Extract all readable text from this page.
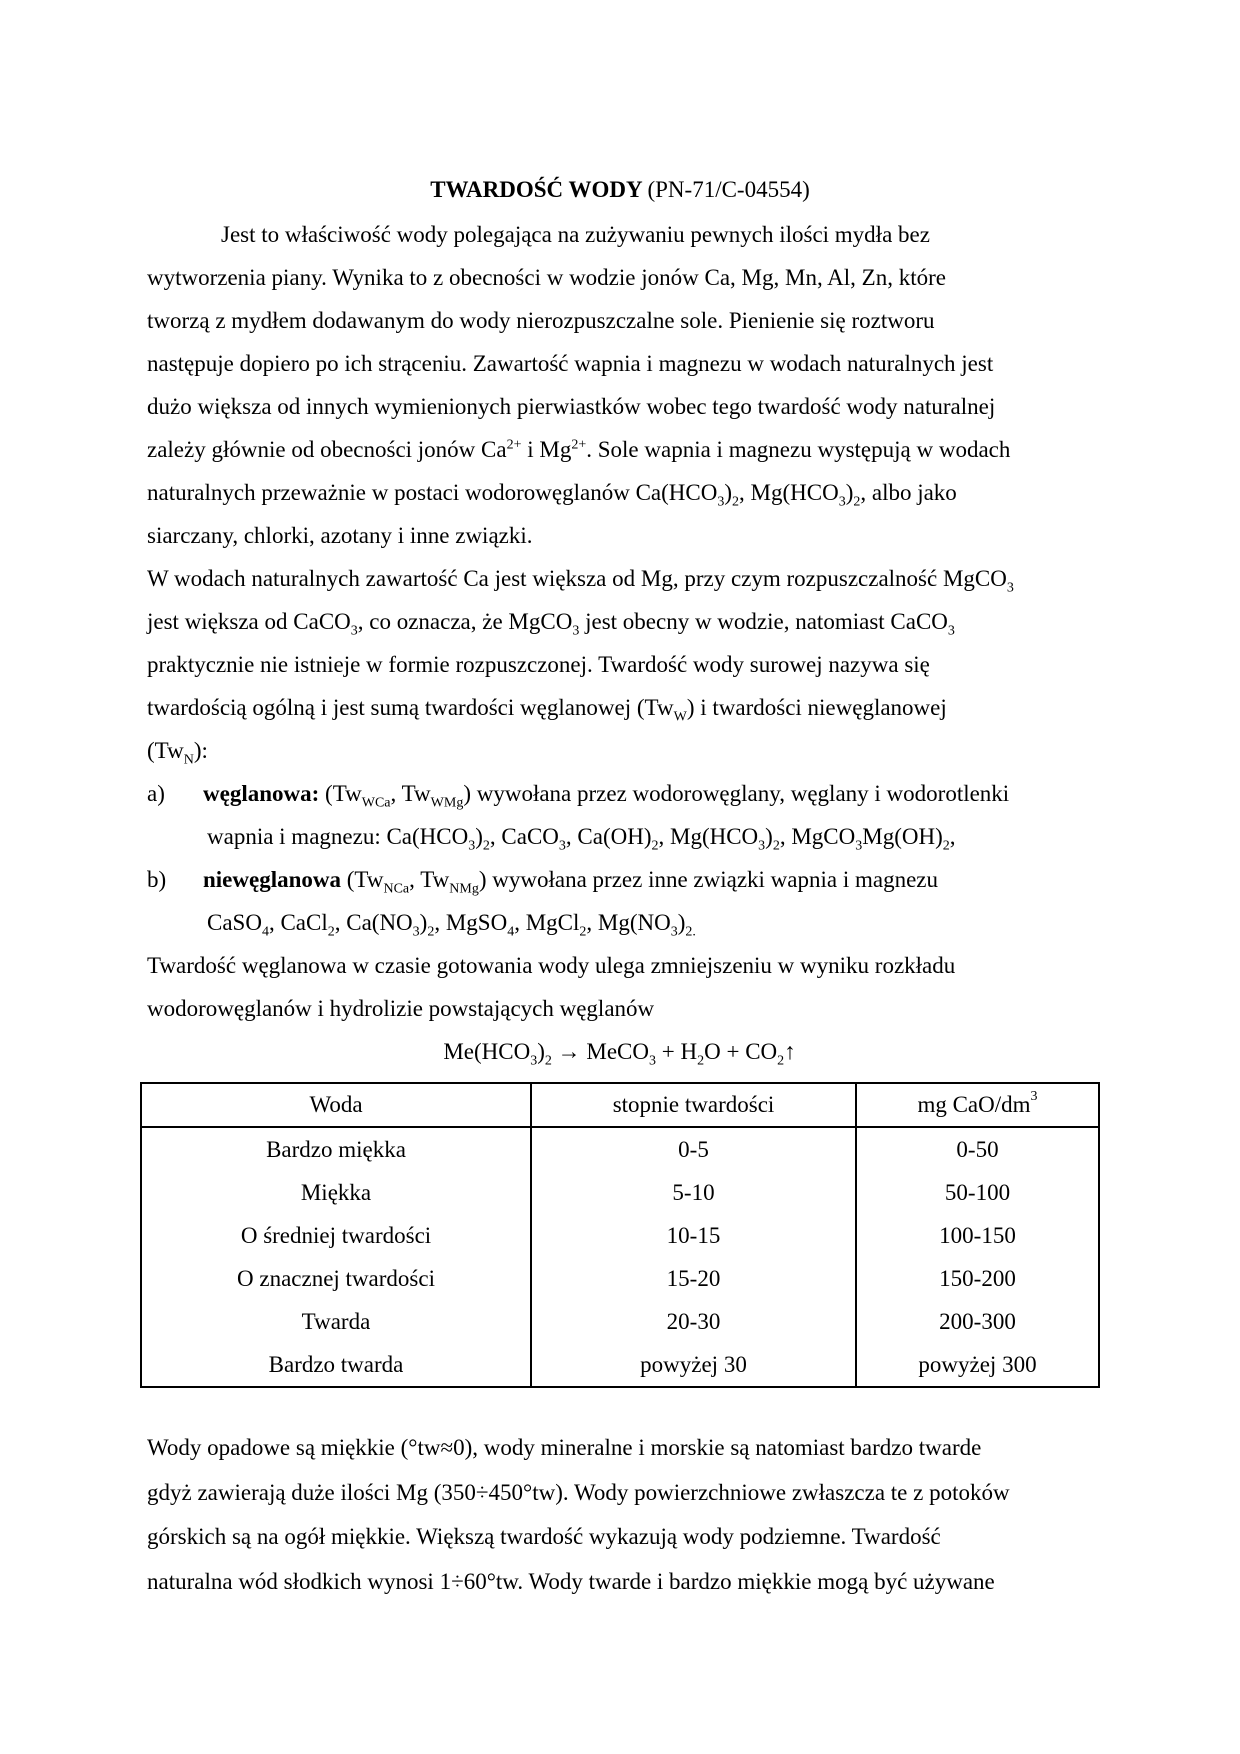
TWARDOŚĆ WODY (PN-71/C-04554)
Jest to właściwość wody polegająca na zużywaniu pewnych ilości mydła bez
wytworzenia piany. Wynika to z obecności w wodzie jonów Ca, Mg, Mn, Al, Zn, które
tworzą z mydłem dodawanym do wody nierozpuszczalne sole. Pienienie się roztworu
następuje dopiero po ich strąceniu. Zawartość wapnia i magnezu w wodach naturalnych jest
dużo większa od innych wymienionych pierwiastków wobec tego twardość wody naturalnej
zależy głównie od obecności jonów $Ca^{2+}$ i $Mg^{2+}$. Sole wapnia i magnezu występują w wodach
naturalnych przeważnie w postaci wodorowęglanów $Ca(HCO_3)_2$, $Mg(HCO_3)_2$, albo jako
siarczany, chlorki, azotany i inne związki.
W wodach naturalnych zawartość Ca jest większa od Mg, przy czym rozpuszczalność MgCO$_3$
jest większa od CaCO$_3$, co oznacza, że MgCO$_3$ jest obecny w wodzie, natomiast CaCO$_3$
praktycznie nie istnieje w formie rozpuszczonej. Twardość wody surowej nazywa się
twardością ogólną i jest sumą twardości węglanowej $(Tw_W)$ i twardości niewęglanowej
$(Tw_N)$:
a) węglanowa: ($Tw_{WCa}$, $Tw_{WMg}$) wywołana przez wodorowęglany, węglany i wodorotlenki
wapnia i magnezu: $Ca(HCO_3)_2$, CaCO$_3$, $Ca(OH)_2$, $Mg(HCO_3)_2$, $MgCO_3Mg(OH)_2$,
b) niewęglanowa ($Tw_{NCa}$, $Tw_{NMg}$) wywołana przez inne związki wapnia i magnezu
CaSO$_4$, CaCl$_2$, $Ca(NO_3)_2$, MgSO$_4$, MgCl$_2$, $Mg(NO_3)_{2.}$
Twardość węglanowa w czasie gotowania wody ulega zmniejszeniu w wyniku rozkładu
wodorowęglanów i hydrolizie powstających węglanów
$Me(HCO_3)_2$ → MeCO$_3$ + $H_2O$ + $CO_2↑$
Woda	stopnie twardości	mg CaO/$dm^3$
Bardzo miękka	0-5	0-50
Miękka	5-10	50-100
O średniej twardości	10-15	100-150
O znacznej twardości	15-20	150-200
Twarda	20-30	200-300
Bardzo twarda	powyżej 30	powyżej 300
Wody opadowe są miękkie (°tw≈0), wody mineralne i morskie są natomiast bardzo twarde
gdyż zawierają duże ilości Mg (350÷450°tw). Wody powierzchniowe zwłaszcza te z potoków
górskich są na ogół miękkie. Większą twardość wykazują wody podziemne. Twardość
naturalna wód słodkich wynosi 1÷60°tw. Wody twarde i bardzo miękkie mogą być używane
